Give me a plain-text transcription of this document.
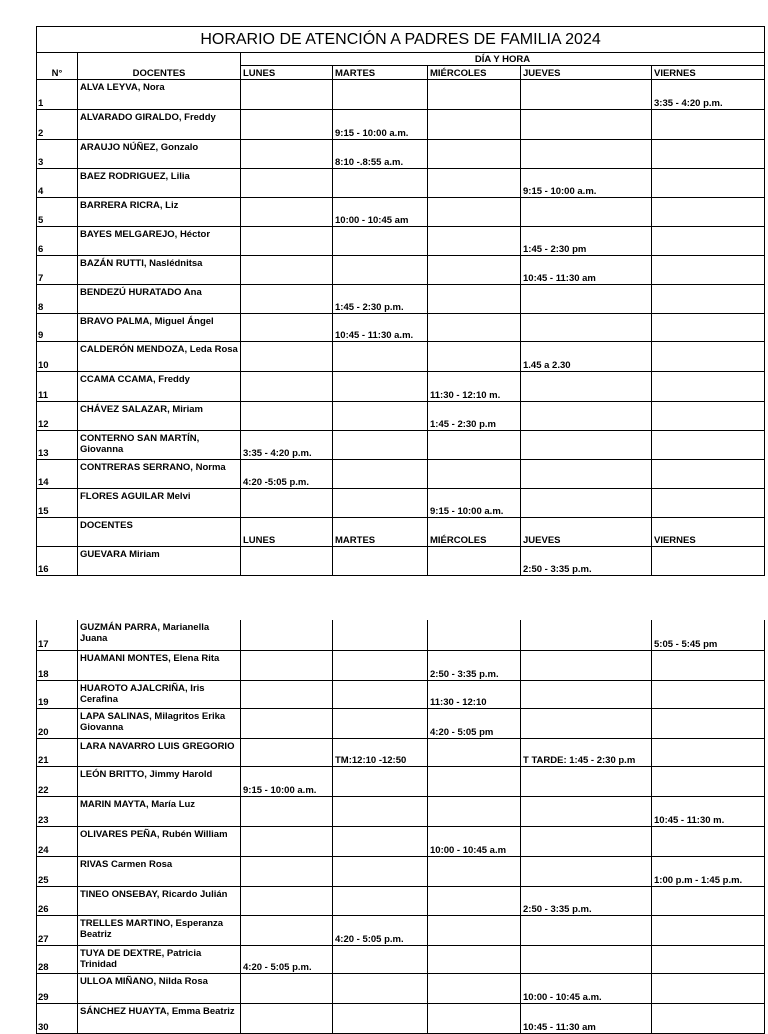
HORARIO DE ATENCIÓN A PADRES DE FAMILIA 2024						
		DÍA Y HORA				
N°	DOCENTES	LUNES	MARTES	MIÉRCOLES	JUEVES	VIERNES
1	ALVA LEYVA, Nora					3:35 - 4:20 p.m.
2	ALVARADO GIRALDO, Freddy		9:15 - 10:00 a.m.			
3	ARAUJO NÚÑEZ, Gonzalo		8:10 -.8:55 a.m.			
4	BAEZ RODRIGUEZ, Lilia				9:15 - 10:00 a.m.	
5	BARRERA RICRA, Liz		10:00 - 10:45 am			
6	BAYES MELGAREJO, Héctor				1:45 - 2:30 pm	
7	BAZÁN RUTTI, Naslédnitsa				10:45 - 11:30 am	
8	BENDEZÚ HURATADO Ana		1:45 - 2:30 p.m.			
9	BRAVO PALMA, Miguel Ángel		10:45 - 11:30 a.m.			
10	CALDERÓN MENDOZA, Leda Rosa				1.45 a 2.30	
11	CCAMA CCAMA, Freddy			11:30 - 12:10 m.		
12	CHÁVEZ SALAZAR, Miriam			1:45 - 2:30 p.m		
13	CONTERNO SAN MARTÍN, Giovanna	3:35 - 4:20 p.m.				
14	CONTRERAS SERRANO, Norma	4:20 -5:05 p.m.				
15	FLORES AGUILAR Melvi			9:15 - 10:00 a.m.		
	DOCENTES	LUNES	MARTES	MIÉRCOLES	JUEVES	VIERNES
16	GUEVARA Miriam				2:50 - 3:35 p.m.	
17	GUZMÁN PARRA, Marianella Juana					5:05 - 5:45 pm
18	HUAMANI MONTES, Elena Rita			2:50 - 3:35 p.m.		
19	HUAROTO AJALCRIÑA, Iris Cerafina			11:30 - 12:10		
20	LAPA SALINAS, Milagritos Erika Giovanna			4:20 - 5:05 pm		
21	LARA NAVARRO LUIS GREGORIO		TM:12:10 -12:50		T TARDE: 1:45 - 2:30 p.m	
22	LEÓN BRITTO, Jimmy Harold	9:15 - 10:00 a.m.				
23	MARIN MAYTA, María Luz					10:45 - 11:30 m.
24	OLIVARES PEÑA, Rubén William			10:00 - 10:45 a.m		
25	RIVAS Carmen Rosa					1:00 p.m - 1:45 p.m.
26	TINEO ONSEBAY, Ricardo Julián				2:50 - 3:35 p.m.	
27	TRELLES MARTINO, Esperanza Beatriz		4:20 - 5:05 p.m.			
28	TUYA DE DEXTRE, Patricia Trinidad	4:20 - 5:05 p.m.				
29	ULLOA MIÑANO, Nilda Rosa				10:00 - 10:45 a.m.	
30	SÁNCHEZ HUAYTA, Emma Beatriz				10:45 - 11:30 am	
